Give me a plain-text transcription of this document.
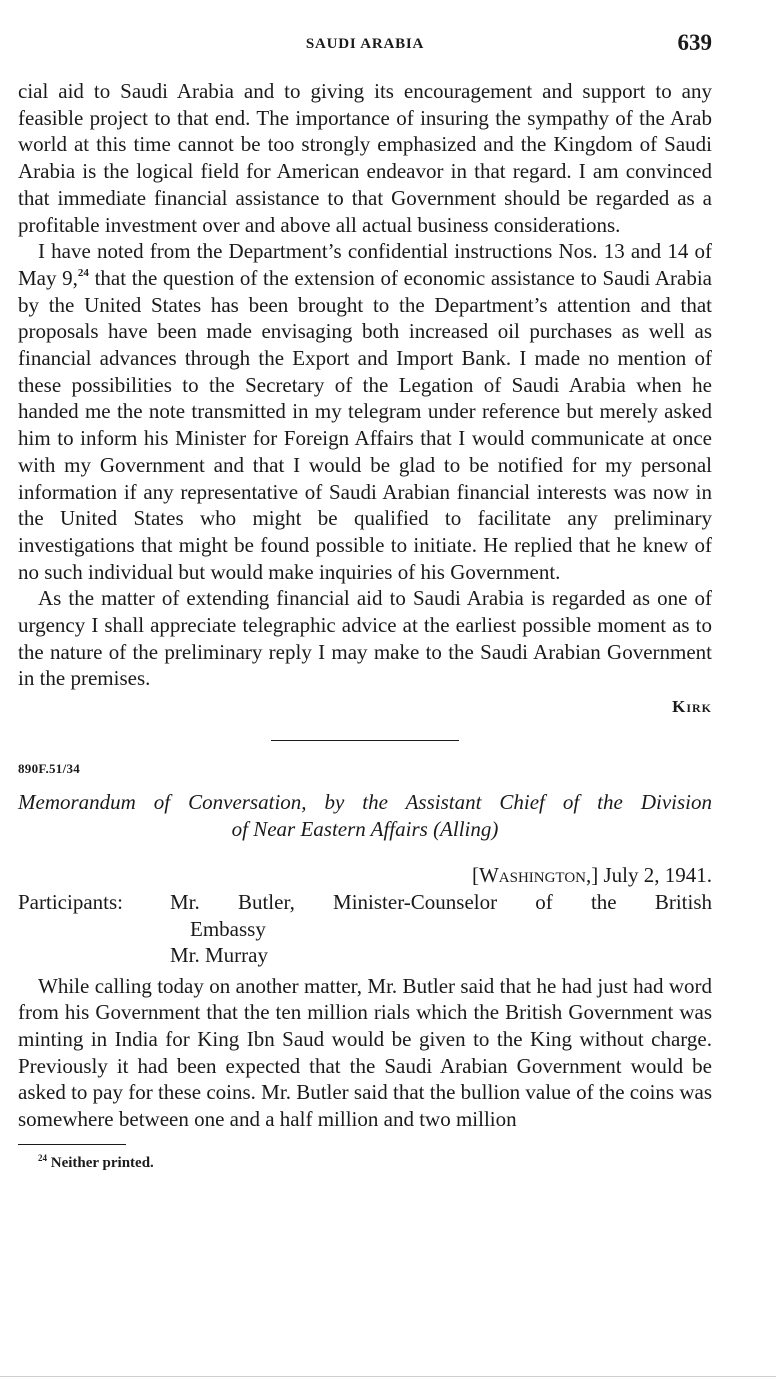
SAUDI ARABIA	639

cial aid to Saudi Arabia and to giving its encouragement and support to any feasible project to that end. The importance of insuring the sympathy of the Arab world at this time cannot be too strongly emphasized and the Kingdom of Saudi Arabia is the logical field for American endeavor in that regard. I am convinced that immediate financial assistance to that Government should be regarded as a profitable investment over and above all actual business considerations.

I have noted from the Department’s confidential instructions Nos. 13 and 14 of May 9,24 that the question of the extension of economic assistance to Saudi Arabia by the United States has been brought to the Department’s attention and that proposals have been made envisaging both increased oil purchases as well as financial advances through the Export and Import Bank. I made no mention of these possibilities to the Secretary of the Legation of Saudi Arabia when he handed me the note transmitted in my telegram under reference but merely asked him to inform his Minister for Foreign Affairs that I would communicate at once with my Government and that I would be glad to be notified for my personal information if any representative of Saudi Arabian financial interests was now in the United States who might be qualified to facilitate any preliminary investigations that might be found possible to initiate. He replied that he knew of no such individual but would make inquiries of his Government.

As the matter of extending financial aid to Saudi Arabia is regarded as one of urgency I shall appreciate telegraphic advice at the earliest possible moment as to the nature of the preliminary reply I may make to the Saudi Arabian Government in the premises.

Kirk
890F.51/34
Memorandum of Conversation, by the Assistant Chief of the Division
of Near Eastern Affairs (Alling)
[Washington,] July 2, 1941.
Participants:	Mr. Butler, Minister-Counselor of the British
Embassy
Mr. Murray

While calling today on another matter, Mr. Butler said that he had just had word from his Government that the ten million rials which the British Government was minting in India for King Ibn Saud would be given to the King without charge. Previously it had been expected that the Saudi Arabian Government would be asked to pay for these coins. Mr. Butler said that the bullion value of the coins was somewhere between one and a half million and two million

$^{24}$ Neither printed.
